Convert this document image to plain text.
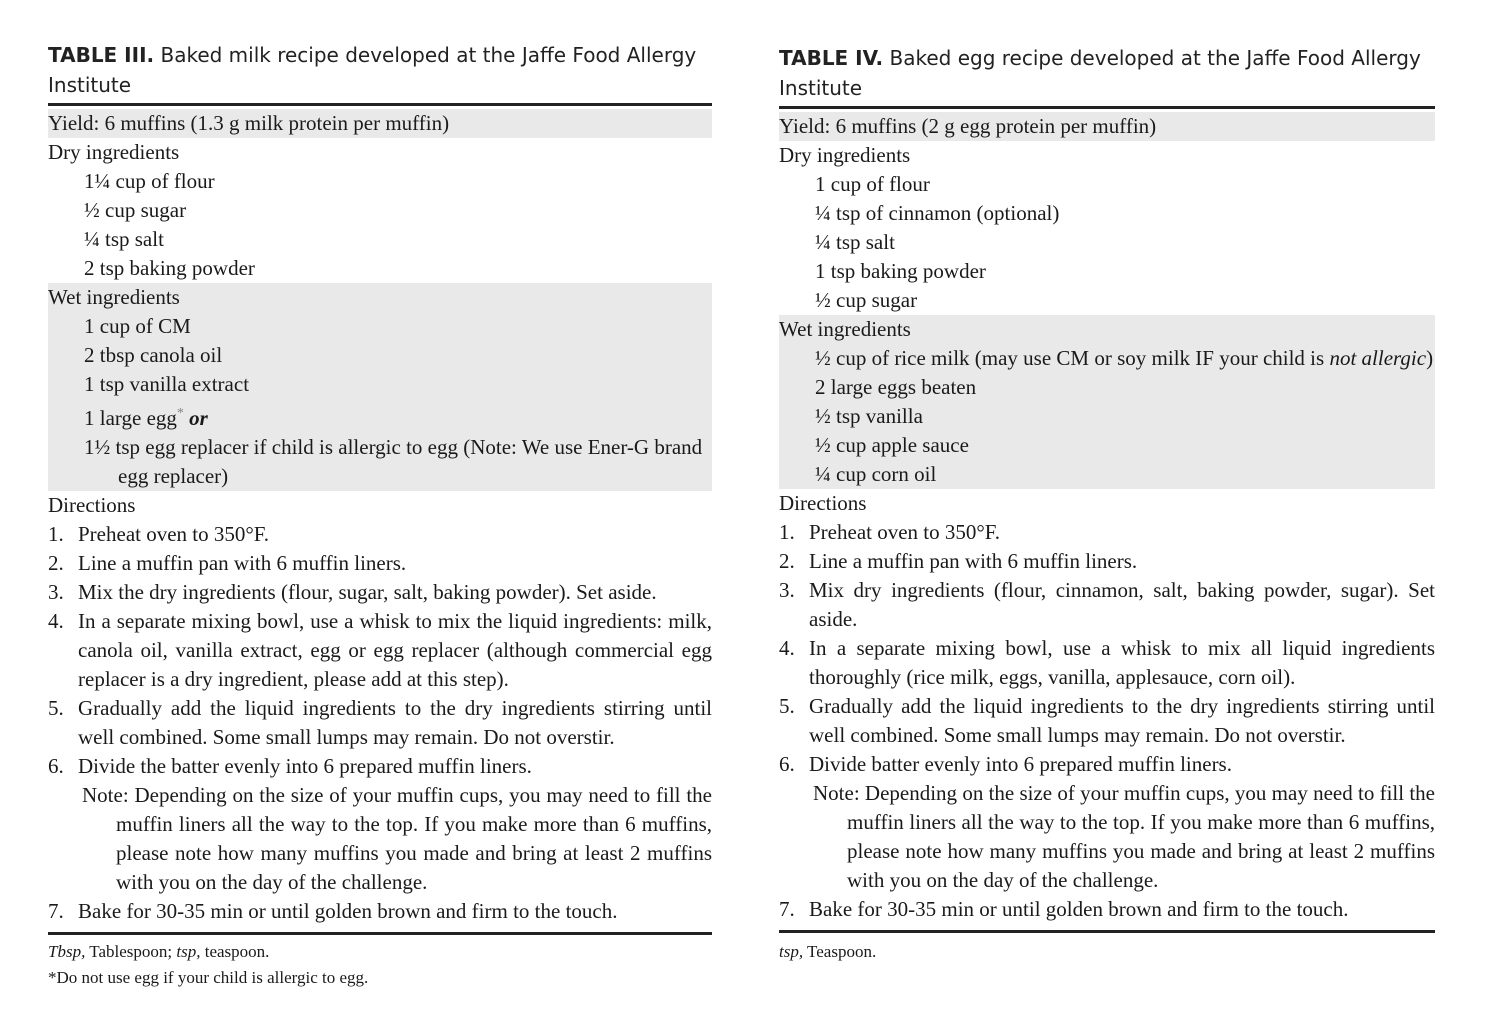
TABLE III. Baked milk recipe developed at the Jaffe Food Allergy Institute
Yield: 6 muffins (1.3 g milk protein per muffin)
Dry ingredients
1¼ cup of flour
½ cup sugar
¼ tsp salt
2 tsp baking powder
Wet ingredients
1 cup of CM
2 tbsp canola oil
1 tsp vanilla extract
1 large egg* or
1½ tsp egg replacer if child is allergic to egg (Note: We use Ener-G brand egg replacer)
Directions
1. Preheat oven to 350°F.
2. Line a muffin pan with 6 muffin liners.
3. Mix the dry ingredients (flour, sugar, salt, baking powder). Set aside.
4. In a separate mixing bowl, use a whisk to mix the liquid ingredients: milk, canola oil, vanilla extract, egg or egg replacer (although commercial egg replacer is a dry ingredient, please add at this step).
5. Gradually add the liquid ingredients to the dry ingredients stirring until well combined. Some small lumps may remain. Do not overstir.
6. Divide the batter evenly into 6 prepared muffin liners.
Note: Depending on the size of your muffin cups, you may need to fill the muffin liners all the way to the top. If you make more than 6 muffins, please note how many muffins you made and bring at least 2 muffins with you on the day of the challenge.
7. Bake for 30-35 min or until golden brown and firm to the touch.
Tbsp, Tablespoon; tsp, teaspoon.
*Do not use egg if your child is allergic to egg.
TABLE IV. Baked egg recipe developed at the Jaffe Food Allergy Institute
Yield: 6 muffins (2 g egg protein per muffin)
Dry ingredients
1 cup of flour
¼ tsp of cinnamon (optional)
¼ tsp salt
1 tsp baking powder
½ cup sugar
Wet ingredients
½ cup of rice milk (may use CM or soy milk IF your child is not allergic)
2 large eggs beaten
½ tsp vanilla
½ cup apple sauce
¼ cup corn oil
Directions
1. Preheat oven to 350°F.
2. Line a muffin pan with 6 muffin liners.
3. Mix dry ingredients (flour, cinnamon, salt, baking powder, sugar). Set aside.
4. In a separate mixing bowl, use a whisk to mix all liquid ingredients thoroughly (rice milk, eggs, vanilla, applesauce, corn oil).
5. Gradually add the liquid ingredients to the dry ingredients stirring until well combined. Some small lumps may remain. Do not overstir.
6. Divide batter evenly into 6 prepared muffin liners.
Note: Depending on the size of your muffin cups, you may need to fill the muffin liners all the way to the top. If you make more than 6 muffins, please note how many muffins you made and bring at least 2 muffins with you on the day of the challenge.
7. Bake for 30-35 min or until golden brown and firm to the touch.
tsp, Teaspoon.
